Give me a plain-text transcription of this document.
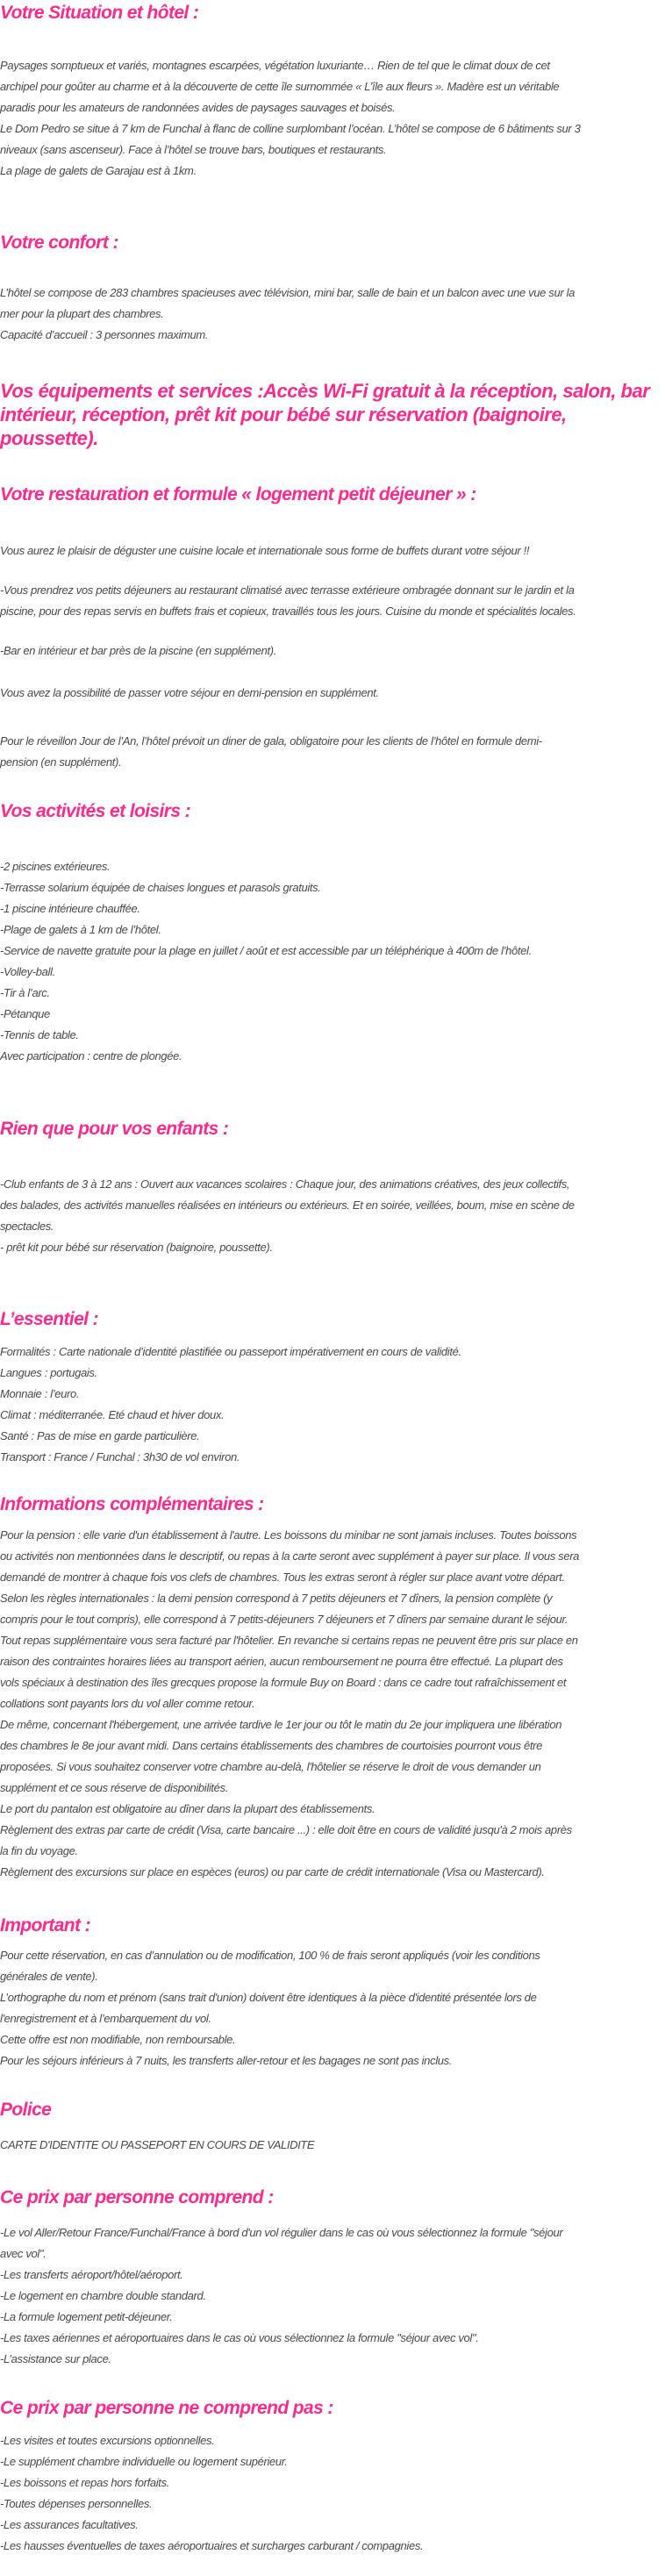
Votre Situation et hôtel :
Paysages somptueux et variés, montagnes escarpées, végétation luxuriante… Rien de tel que le climat doux de cet
archipel pour goûter au charme et à la découverte de cette île surnommée « L’île aux fleurs ». Madère est un véritable
paradis pour les amateurs de randonnées avides de paysages sauvages et boisés.
Le Dom Pedro se situe à 7 km de Funchal à flanc de colline surplombant l’océan. L’hôtel se compose de 6 bâtiments sur 3
niveaux (sans ascenseur). Face à l’hôtel se trouve bars, boutiques et restaurants.
La plage de galets de Garajau est à 1km.
Votre confort :
L’hôtel se compose de 283 chambres spacieuses avec télévision, mini bar, salle de bain et un balcon avec une vue sur la
mer pour la plupart des chambres.
Capacité d’accueil : 3 personnes maximum.
Vos équipements et services :Accès Wi-Fi gratuit à la réception, salon, bar
intérieur, réception, prêt kit pour bébé sur réservation (baignoire, poussette).
Votre restauration et formule « logement petit déjeuner » :
Vous aurez le plaisir de déguster une cuisine locale et internationale sous forme de buffets durant votre séjour !!
-Vous prendrez vos petits déjeuners au restaurant climatisé avec terrasse extérieure ombragée donnant sur le jardin et la
piscine, pour des repas servis en buffets frais et copieux, travaillés tous les jours. Cuisine du monde et spécialités locales.
-Bar en intérieur et bar près de la piscine (en supplément).
Vous avez la possibilité de passer votre séjour en demi-pension en supplément.
Pour le réveillon Jour de l’An, l’hôtel prévoit un diner de gala, obligatoire pour les clients de l’hôtel en formule demi-
pension (en supplément).
Vos activités et loisirs :
-2 piscines extérieures.
-Terrasse solarium équipée de chaises longues et parasols gratuits.
-1 piscine intérieure chauffée.
-Plage de galets à 1 km de l’hôtel.
-Service de navette gratuite pour la plage en juillet / août et est accessible par un téléphérique à 400m de l’hôtel.
-Volley-ball.
-Tir à l’arc.
-Pétanque
-Tennis de table.
Avec participation : centre de plongée.
Rien que pour vos enfants :
-Club enfants de 3 à 12 ans : Ouvert aux vacances scolaires : Chaque jour, des animations créatives, des jeux collectifs,
des balades, des activités manuelles réalisées en intérieurs ou extérieurs. Et en soirée, veillées, boum, mise en scène de
spectacles.
- prêt kit pour bébé sur réservation (baignoire, poussette).
L’essentiel :
Formalités : Carte nationale d’identité plastifiée ou passeport impérativement en cours de validité.
Langues : portugais.
Monnaie : l’euro.
Climat : méditerranée. Eté chaud et hiver doux.
Santé : Pas de mise en garde particulière.
Transport : France / Funchal : 3h30 de vol environ.
Informations complémentaires :
Pour la pension : elle varie d'un établissement à l'autre. Les boissons du minibar ne sont jamais incluses. Toutes boissons
ou activités non mentionnées dans le descriptif, ou repas à la carte seront avec supplément à payer sur place. Il vous sera
demandé de montrer à chaque fois vos clefs de chambres. Tous les extras seront à régler sur place avant votre départ.
Selon les règles internationales : la demi pension correspond à 7 petits déjeuners et 7 dîners, la pension complète (y
compris pour le tout compris), elle correspond à 7 petits-déjeuners 7 déjeuners et 7 dîners par semaine durant le séjour.
Tout repas supplémentaire vous sera facturé par l'hôtelier. En revanche si certains repas ne peuvent être pris sur place en
raison des contraintes horaires liées au transport aérien, aucun remboursement ne pourra être effectué. La plupart des
vols spéciaux à destination des îles grecques propose la formule Buy on Board : dans ce cadre tout rafraîchissement et
collations sont payants lors du vol aller comme retour.
De même, concernant l'hébergement, une arrivée tardive le 1er jour ou tôt le matin du 2e jour impliquera une libération
des chambres le 8e jour avant midi. Dans certains établissements des chambres de courtoisies pourront vous être
proposées. Si vous souhaitez conserver votre chambre au-delà, l'hôtelier se réserve le droit de vous demander un
supplément et ce sous réserve de disponibilités.
Le port du pantalon est obligatoire au dîner dans la plupart des établissements.
Règlement des extras par carte de crédit (Visa, carte bancaire ...) : elle doit être en cours de validité jusqu'à 2 mois après
la fin du voyage.
Règlement des excursions sur place en espèces (euros) ou par carte de crédit internationale (Visa ou Mastercard).
Important :
Pour cette réservation, en cas d’annulation ou de modification, 100 % de frais seront appliqués (voir les conditions
générales de vente).
L’orthographe du nom et prénom (sans trait d'union) doivent être identiques à la pièce d'identité présentée lors de
l'enregistrement et à l’embarquement du vol.
Cette offre est non modifiable, non remboursable.
Pour les séjours inférieurs à 7 nuits, les transferts aller-retour et les bagages ne sont pas inclus.
Police
CARTE D'IDENTITE OU PASSEPORT EN COURS DE VALIDITE
Ce prix par personne comprend :
-Le vol Aller/Retour France/Funchal/France à bord d'un vol régulier dans le cas où vous sélectionnez la formule "séjour
avec vol".
-Les transferts aéroport/hôtel/aéroport.
-Le logement en chambre double standard.
-La formule logement petit-déjeuner.
-Les taxes aériennes et aéroportuaires dans le cas où vous sélectionnez la formule "séjour avec vol".
-L’assistance sur place.
Ce prix par personne ne comprend pas :
-Les visites et toutes excursions optionnelles.
-Le supplément chambre individuelle ou logement supérieur.
-Les boissons et repas hors forfaits.
-Toutes dépenses personnelles.
-Les assurances facultatives.
-Les hausses éventuelles de taxes aéroportuaires et surcharges carburant / compagnies.
